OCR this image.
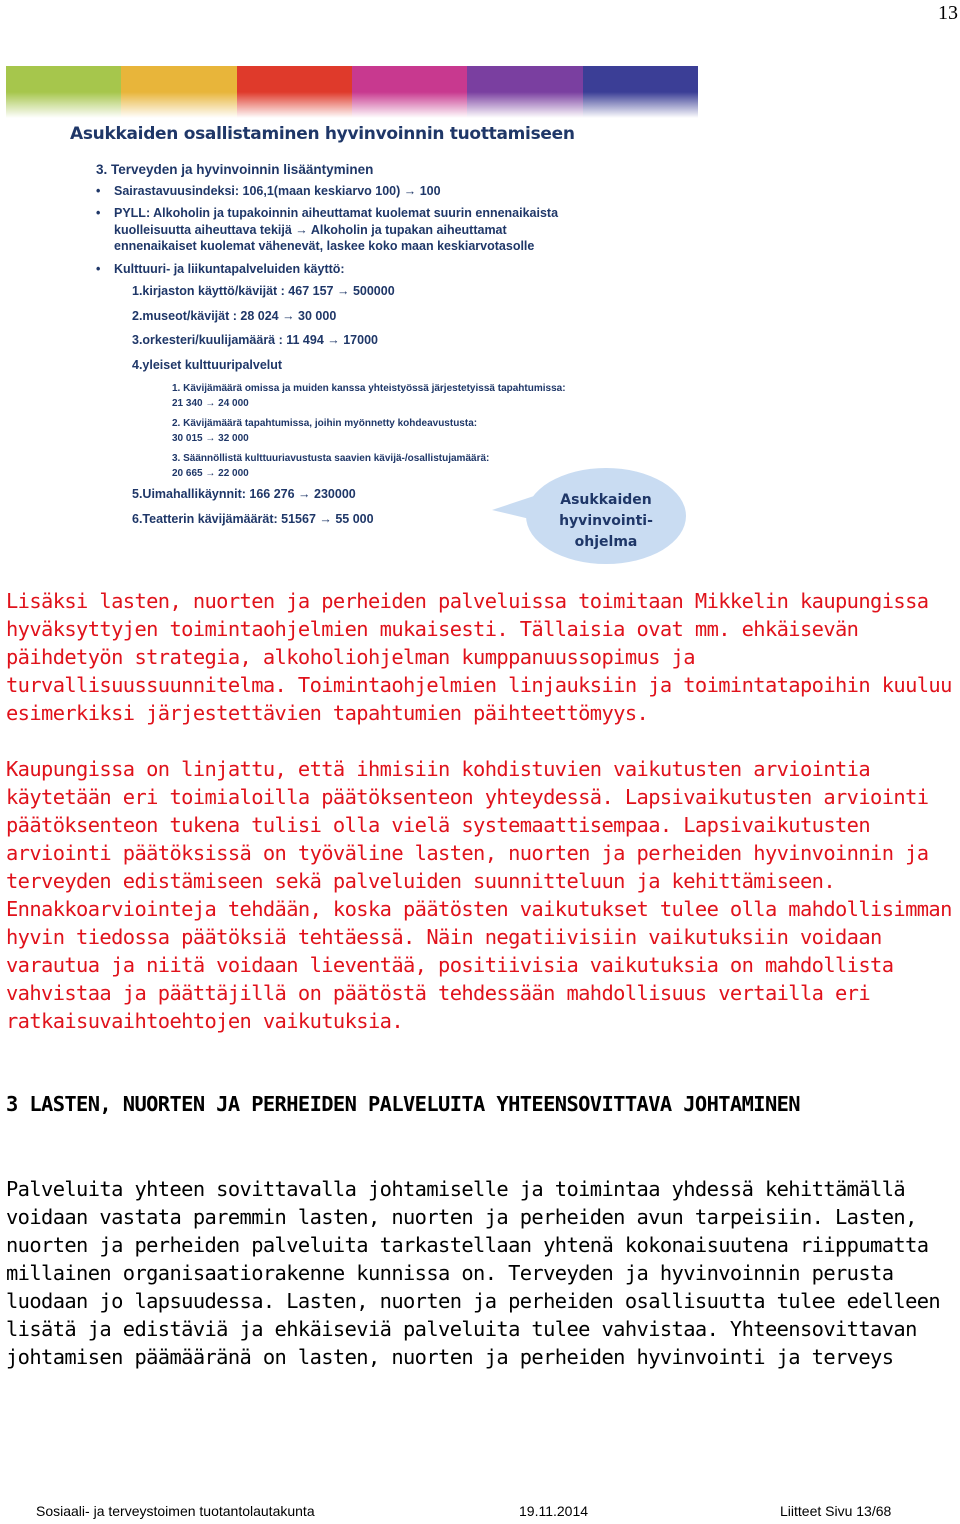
13
Asukkaiden osallistaminen hyvinvoinnin tuottamiseen
3. Terveyden ja hyvinvoinnin lisääntyminen
• Sairastavuusindeksi: 106,1(maan keskiarvo 100) → 100
• PYLL: Alkoholin ja tupakoinnin aiheuttamat kuolemat suurin ennenaikaista
kuolleisuutta aiheuttava tekijä → Alkoholin ja tupakan aiheuttamat
ennenaikaiset kuolemat vähenevät, laskee koko maan keskiarvotasolle
• Kulttuuri- ja liikuntapalveluiden käyttö:
1.kirjaston käyttö/kävijät : 467 157 → 500000
2.museot/kävijät : 28 024 → 30 000
3.orkesteri/kuulijamäärä : 11 494 → 17000
4.yleiset kulttuuripalvelut
1. Kävijämäärä omissa ja muiden kanssa yhteistyössä järjestetyissä tapahtumissa:
21 340 → 24 000
2. Kävijämäärä tapahtumissa, joihin myönnetty kohdeavustusta:
30 015 → 32 000
3. Säännöllistä kulttuuriavustusta saavien kävijä-/osallistujamäärä:
20 665 → 22 000
5.Uimahallikäynnit: 166 276 → 230000
6.Teatterin kävijämäärät: 51567 → 55 000
Asukkaiden
hyvinvointi-
ohjelma
Lisäksi lasten, nuorten ja perheiden palveluissa toimitaan Mikkelin kaupungissa hyväksyttyjen toimintaohjelmien mukaisesti. Tällaisia ovat mm. ehkäisevän päihdetyön strategia, alkoholiohjelman kumppanuussopimus ja turvallisuussuunnitelma. Toimintaohjelmien linjauksiin ja toimintatapoihin kuuluu esimerkiksi järjestettävien tapahtumien päihteettömyys.
Kaupungissa on linjattu, että ihmisiin kohdistuvien vaikutusten arviointia käytetään eri toimialoilla päätöksenteon yhteydessä. Lapsivaikutusten arviointi päätöksenteon tukena tulisi olla vielä systemaattisempaa. Lapsivaikutusten arviointi päätöksissä on työväline lasten, nuorten ja perheiden hyvinvoinnin ja terveyden edistämiseen sekä palveluiden suunnitteluun ja kehittämiseen. Ennakkoarviointeja tehdään, koska päätösten vaikutukset tulee olla mahdollisimman hyvin tiedossa päätöksiä tehtäessä. Näin negatiivisiin vaikutuksiin voidaan varautua ja niitä voidaan lieventää, positiivisia vaikutuksia on mahdollista vahvistaa ja päättäjillä on päätöstä tehdessään mahdollisuus vertailla eri ratkaisuvaihtoehtojen vaikutuksia.
3 LASTEN, NUORTEN JA PERHEIDEN PALVELUITA YHTEENSOVITTAVA JOHTAMINEN
Palveluita yhteen sovittavalla johtamiselle ja toimintaa yhdessä kehittämällä voidaan vastata paremmin lasten, nuorten ja perheiden avun tarpeisiin. Lasten, nuorten ja perheiden palveluita tarkastellaan yhtenä kokonaisuutena riippumatta millainen organisaatiorakenne kunnissa on. Terveyden ja hyvinvoinnin perusta luodaan jo lapsuudessa. Lasten, nuorten ja perheiden osallisuutta tulee edelleen lisätä ja edistäviä ja ehkäiseviä palveluita tulee vahvistaa. Yhteensovittavan johtamisen päämääränä on lasten, nuorten ja perheiden hyvinvointi ja terveys
Sosiaali- ja terveystoimen tuotantolautakunta	19.11.2014	Liitteet Sivu 13/68
